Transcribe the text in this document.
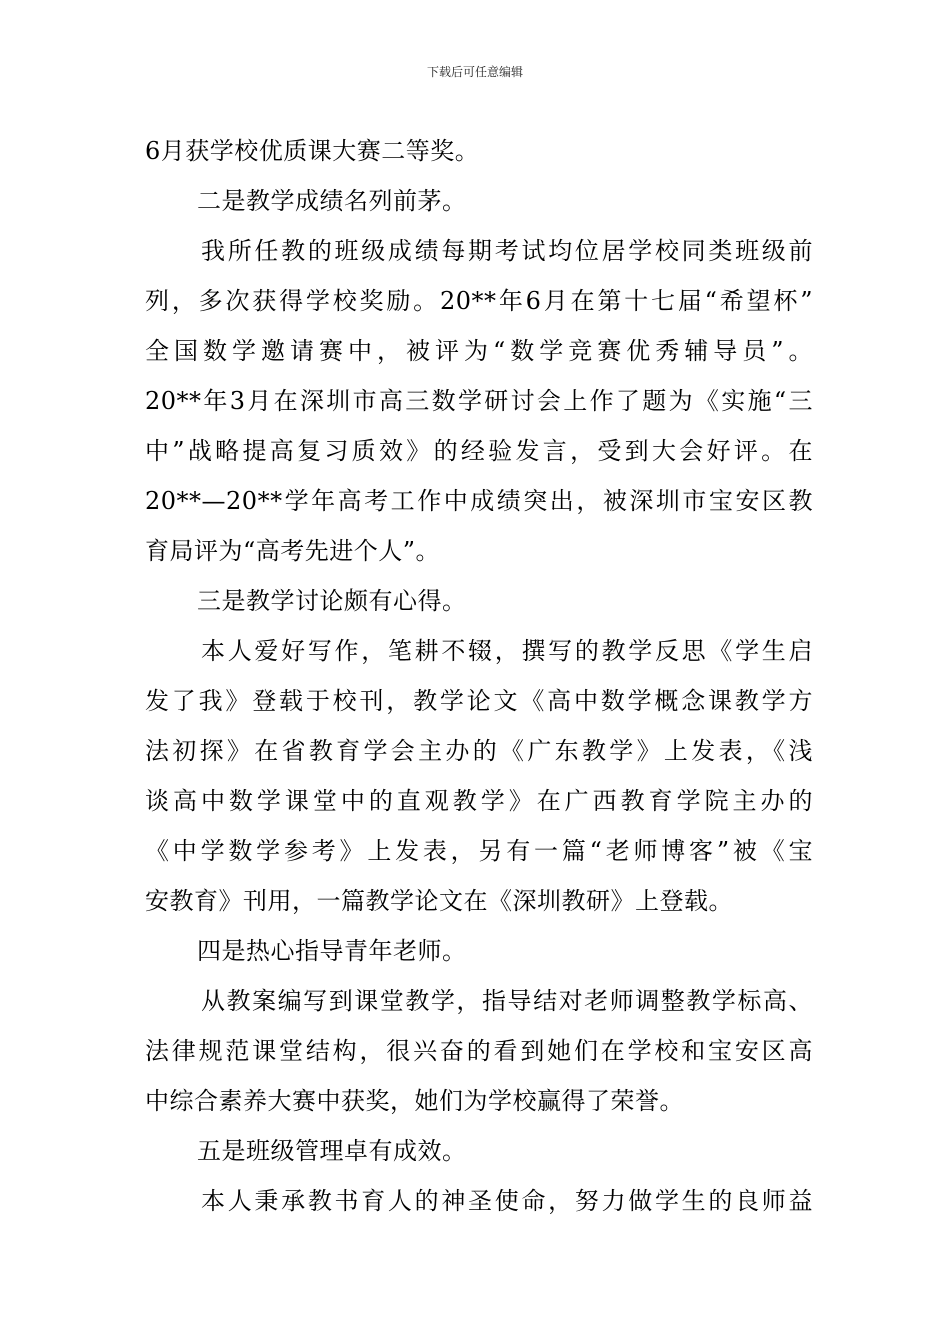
下载后可任意编辑
6月获学校优质课大赛二等奖。
二是教学成绩名列前茅。
我所任教的班级成绩每期考试均位居学校同类班级前
列，多次获得学校奖励。20**年6月在第十七届“希望杯”
全国数学邀请赛中，被评为“数学竞赛优秀辅导员”。
20**年3月在深圳市高三数学研讨会上作了题为《实施“三
中”战略提高复习质效》的经验发言，受到大会好评。在
20**—20**学年高考工作中成绩突出，被深圳市宝安区教
育局评为“高考先进个人”。
三是教学讨论颇有心得。
本人爱好写作，笔耕不辍，撰写的教学反思《学生启
发了我》登载于校刊，教学论文《高中数学概念课教学方
法初探》在省教育学会主办的《广东教学》上发表，《浅
谈高中数学课堂中的直观教学》在广西教育学院主办的
《中学数学参考》上发表，另有一篇“老师博客”被《宝
安教育》刊用，一篇教学论文在《深圳教研》上登载。
四是热心指导青年老师。
从教案编写到课堂教学，指导结对老师调整教学标高、
法律规范课堂结构，很兴奋的看到她们在学校和宝安区高
中综合素养大赛中获奖，她们为学校赢得了荣誉。
五是班级管理卓有成效。
本人秉承教书育人的神圣使命，努力做学生的良师益
